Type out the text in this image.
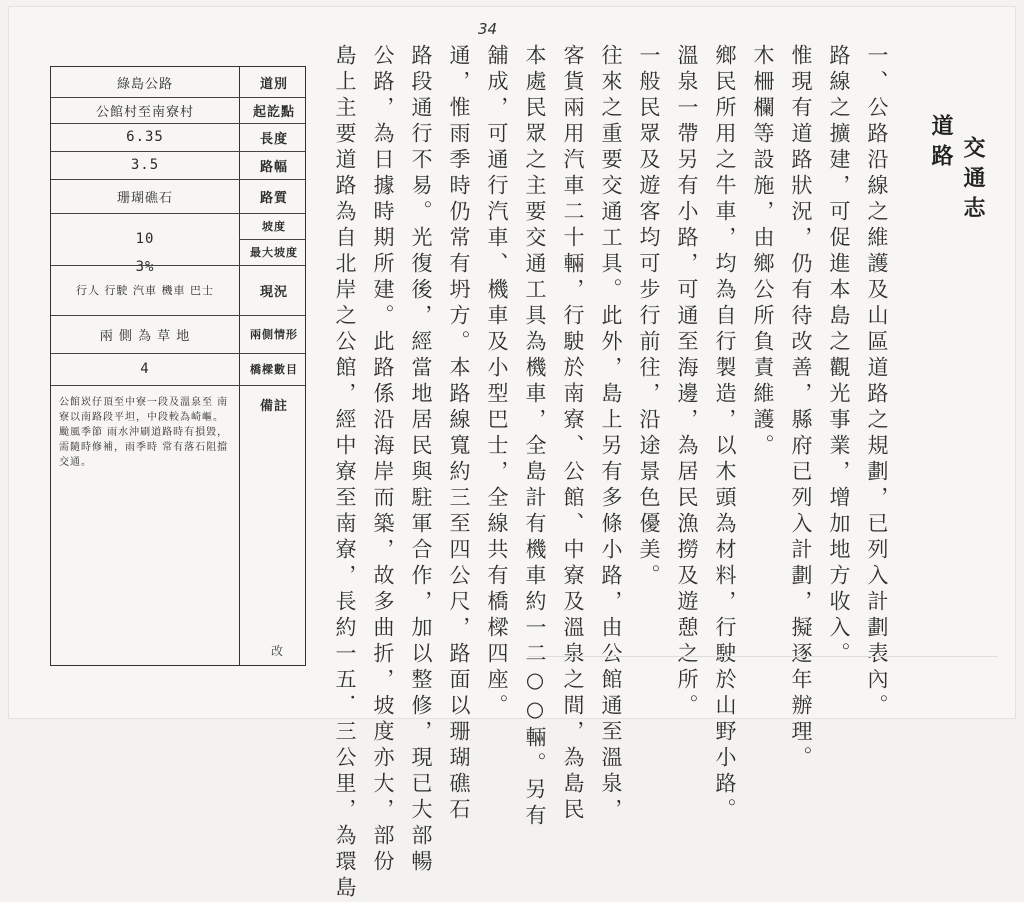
34
道別
起訖點
長度
路幅
路質
坡度
最大坡度
現況
兩側情形
橋樑數目
備註
綠島公路
公館村至南寮村
6.35
3.5
珊瑚礁石
10
3%
行人 行駛 汽車 機車 巴士
兩 側 為 草 地
4
公館崁仔頂至中寮一段及溫泉至 南寮以南路段平坦，中段較為崎嶇。颱風季節 雨水沖刷道路時有損毀，需隨時修補，雨季時 常有落石阻擋交通。
改
交通志
道路
一、公路沿線之維護及山區道路之規劃，已列入計劃表內。
路線之擴建，可促進本島之觀光事業，增加地方收入。
惟現有道路狀況，仍有待改善，縣府已列入計劃，擬逐年辦理。
木柵欄等設施，由鄉公所負責維護。
鄉民所用之牛車，均為自行製造，以木頭為材料，行駛於山野小路。
溫泉一帶另有小路，可通至海邊，為居民漁撈及遊憩之所。
一般民眾及遊客均可步行前往，沿途景色優美。
往來之重要交通工具。此外，島上另有多條小路，由公館通至溫泉，
客貨兩用汽車二十輛，行駛於南寮、公館、中寮及溫泉之間，為島民
本處民眾之主要交通工具為機車，全島計有機車約一二○○輛。另有
舖成，可通行汽車、機車及小型巴士，全線共有橋樑四座。
通，惟雨季時仍常有坍方。本路線寬約三至四公尺，路面以珊瑚礁石
路段通行不易。光復後，經當地居民與駐軍合作，加以整修，現已大部暢
公路，為日據時期所建。此路係沿海岸而築，故多曲折，坡度亦大，部份
島上主要道路為自北岸之公館，經中寮至南寮，長約一五．三公里，為環島
